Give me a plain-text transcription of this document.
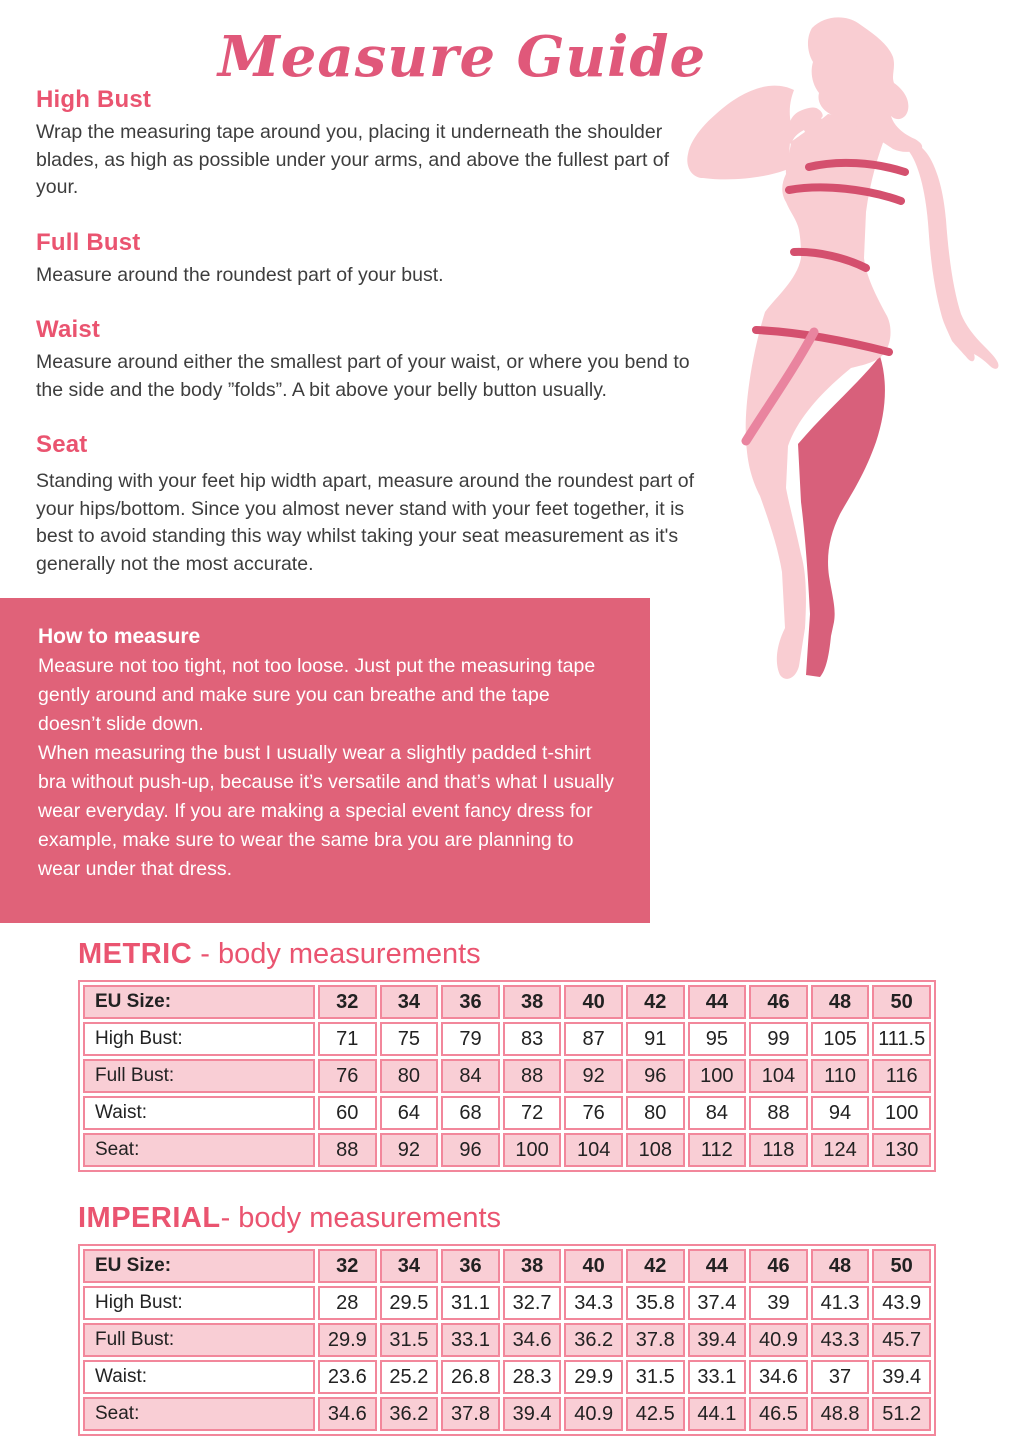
Measure Guide
High Bust

Wrap the measuring tape around you, placing it underneath the shoulder blades, as high as possible under your arms, and above the fullest part of your.

Full Bust

Measure around the roundest part of your bust.

Waist

Measure around either the smallest part of your waist, or where you bend to the side and the body ”folds”. A bit above your belly button usually.

Seat

Standing with your feet hip width apart, measure around the roundest part of your hips/bottom. Since you almost never stand with your feet together, it is best to avoid standing this way whilst taking your seat measurement as it's generally not the most accurate.

How to measure

Measure not too tight, not too loose. Just put the measuring tape gently around and make sure you can breathe and the tape doesn’t slide down.

When measuring the bust I usually wear a slightly padded t-shirt bra without push-up, because it’s versatile and that’s what I usually wear everyday. If you are making a special event fancy dress for example, make sure to wear the same bra you are planning to wear under that dress.

METRIC - body measurements
EU Size:	32	34	36	38	40	42	44	46	48	50
High Bust:	71	75	79	83	87	91	95	99	105	111.5
Full Bust:	76	80	84	88	92	96	100	104	110	116
Waist:	60	64	68	72	76	80	84	88	94	100
Seat:	88	92	96	100	104	108	112	118	124	130
IMPERIAL- body measurements
EU Size:	32	34	36	38	40	42	44	46	48	50
High Bust:	28	29.5	31.1	32.7	34.3	35.8	37.4	39	41.3	43.9
Full Bust:	29.9	31.5	33.1	34.6	36.2	37.8	39.4	40.9	43.3	45.7
Waist:	23.6	25.2	26.8	28.3	29.9	31.5	33.1	34.6	37	39.4
Seat:	34.6	36.2	37.8	39.4	40.9	42.5	44.1	46.5	48.8	51.2
